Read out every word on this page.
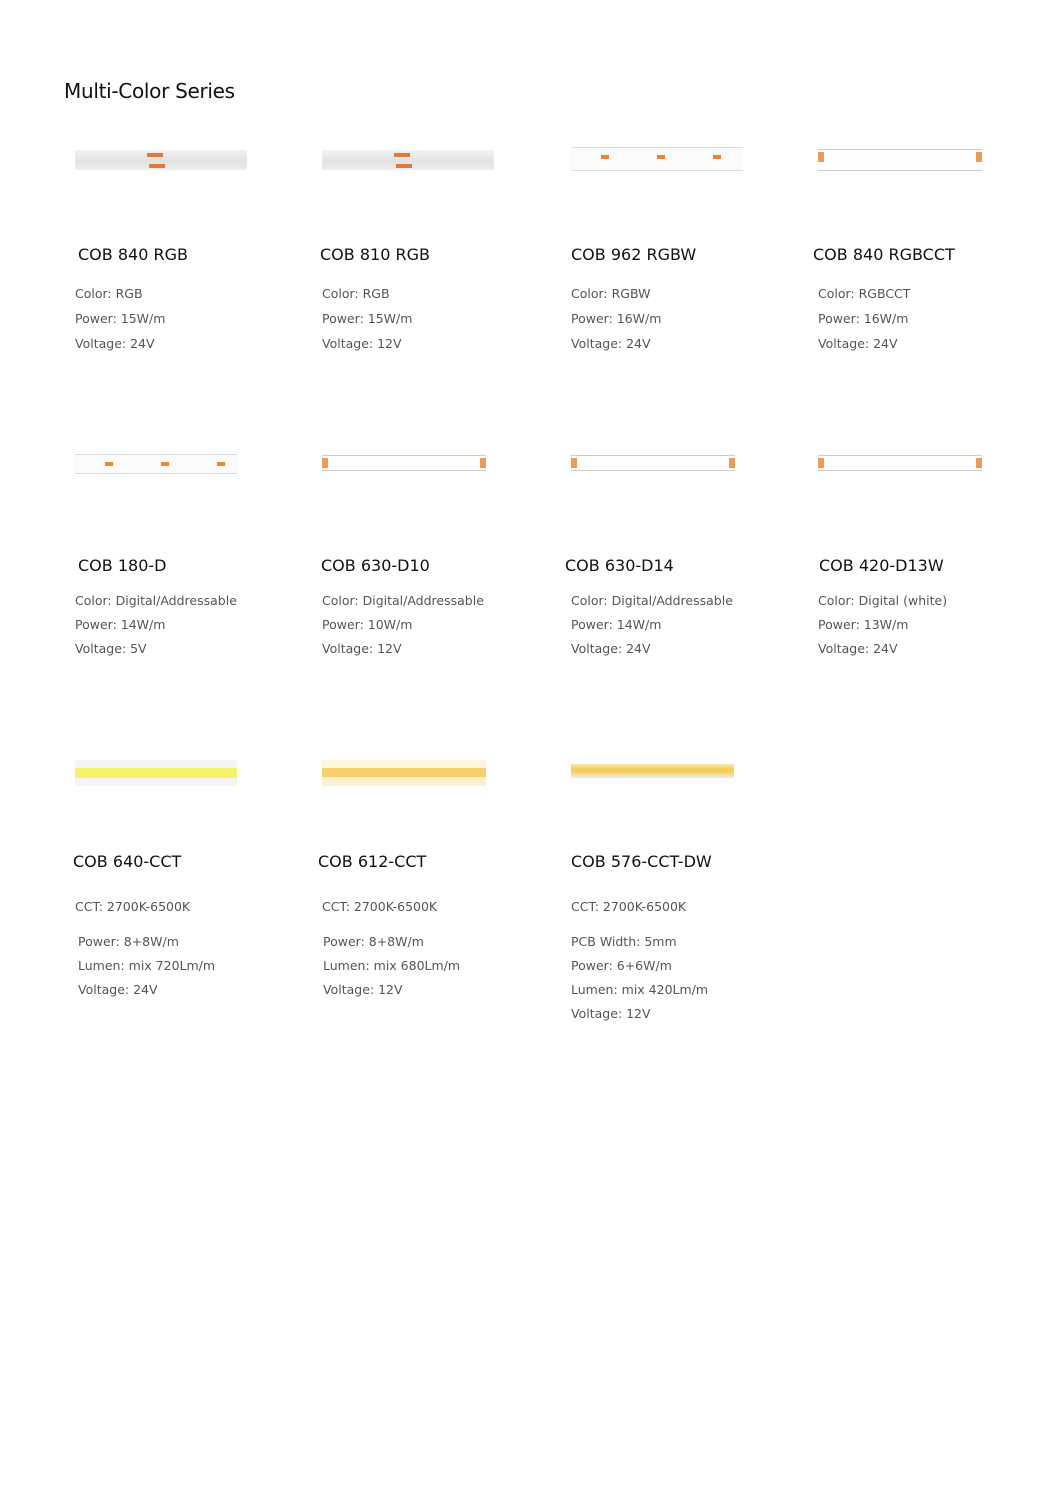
Multi-Color Series
COB 840 RGB
Color: RGB
Power: 15W/m
Voltage: 24V
COB 810 RGB
Color: RGB
Power: 15W/m
Voltage: 12V
COB 962 RGBW
Color: RGBW
Power: 16W/m
Voltage: 24V
COB 840 RGBCCT
Color: RGBCCT
Power: 16W/m
Voltage: 24V
COB 180-D
Color: Digital/Addressable
Power: 14W/m
Voltage: 5V
COB 630-D10
Color: Digital/Addressable
Power: 10W/m
Voltage: 12V
COB 630-D14
Color: Digital/Addressable
Power: 14W/m
Voltage: 24V
COB 420-D13W
Color: Digital (white)
Power: 13W/m
Voltage: 24V
COB 640-CCT
CCT: 2700K-6500K
Power: 8+8W/m
Lumen: mix 720Lm/m
Voltage: 24V
COB 612-CCT
CCT: 2700K-6500K
Power: 8+8W/m
Lumen: mix 680Lm/m
Voltage: 12V
COB 576-CCT-DW
CCT: 2700K-6500K
PCB Width: 5mm
Power: 6+6W/m
Lumen: mix 420Lm/m
Voltage: 12V
